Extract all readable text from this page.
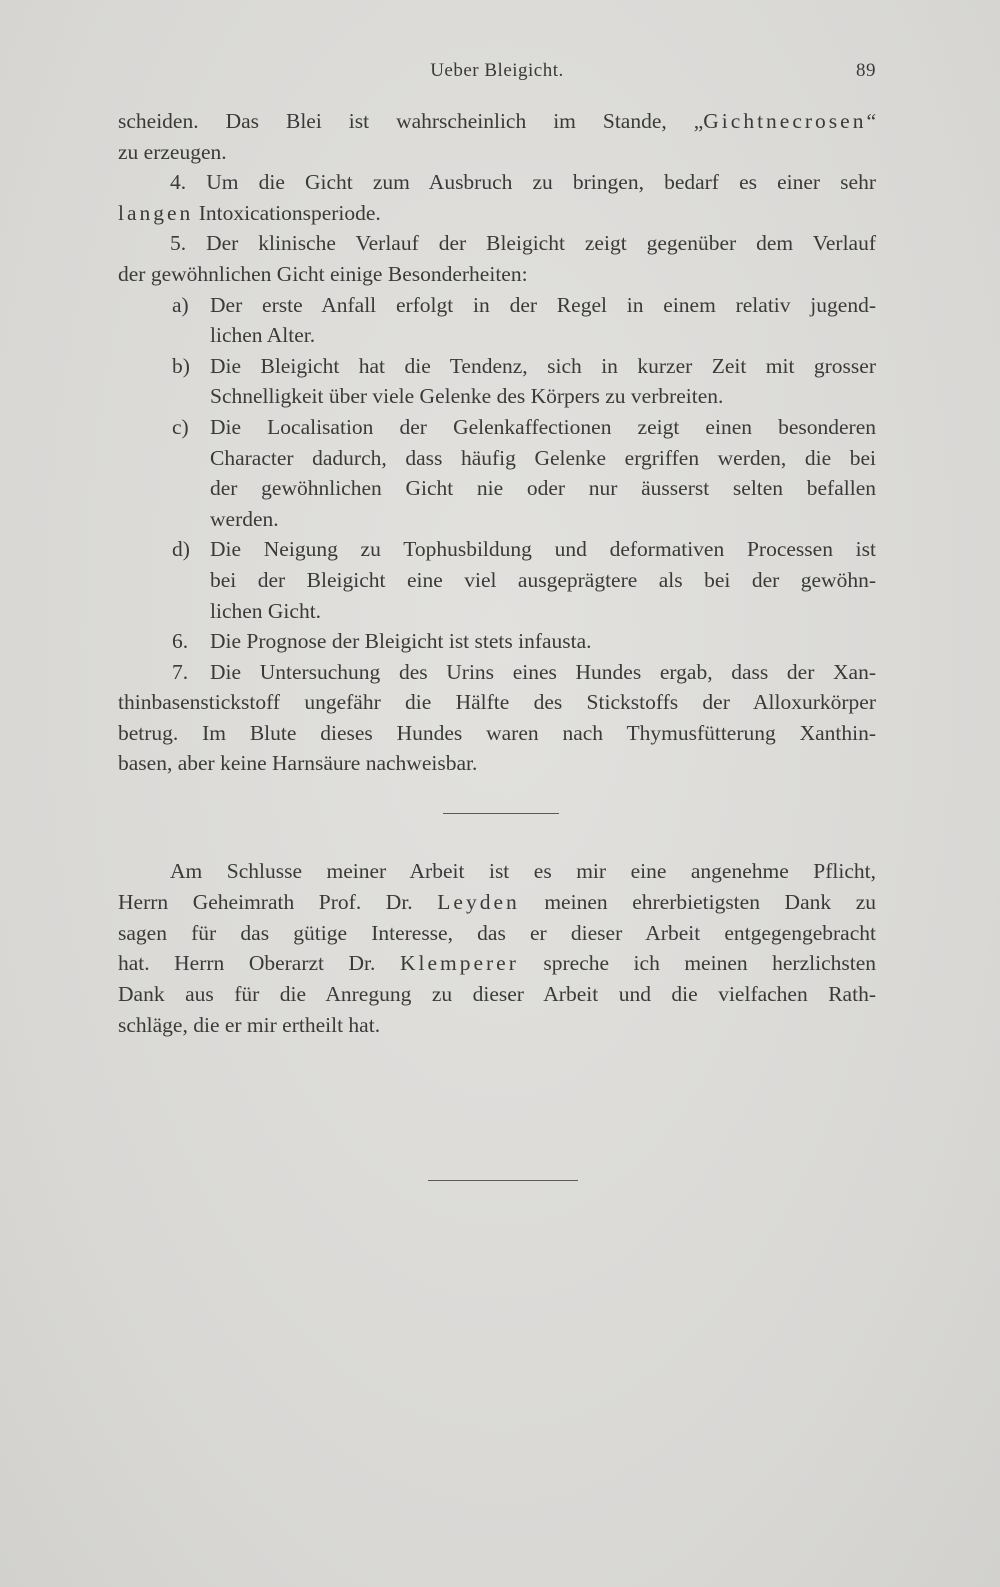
Ueber Bleigicht.	89
scheiden. Das Blei ist wahrscheinlich im Stande, „Gichtnecrosen“
zu erzeugen.
4. Um die Gicht zum Ausbruch zu bringen, bedarf es einer sehr
langen Intoxicationsperiode.
5. Der klinische Verlauf der Bleigicht zeigt gegenüber dem Verlauf
der gewöhnlichen Gicht einige Besonderheiten:
a) Der erste Anfall erfolgt in der Regel in einem relativ jugend-
lichen Alter.
b) Die Bleigicht hat die Tendenz, sich in kurzer Zeit mit grosser
Schnelligkeit über viele Gelenke des Körpers zu verbreiten.
c) Die Localisation der Gelenkaffectionen zeigt einen besonderen
Character dadurch, dass häufig Gelenke ergriffen werden, die bei
der gewöhnlichen Gicht nie oder nur äusserst selten befallen
werden.
d) Die Neigung zu Tophusbildung und deformativen Processen ist
bei der Bleigicht eine viel ausgeprägtere als bei der gewöhn-
lichen Gicht.
6. Die Prognose der Bleigicht ist stets infausta.
7. Die Untersuchung des Urins eines Hundes ergab, dass der Xan-
thinbasenstickstoff ungefähr die Hälfte des Stickstoffs der Alloxurkörper
betrug. Im Blute dieses Hundes waren nach Thymusfütterung Xanthin-
basen, aber keine Harnsäure nachweisbar.
Am Schlusse meiner Arbeit ist es mir eine angenehme Pflicht,
Herrn Geheimrath Prof. Dr. Leyden meinen ehrerbietigsten Dank zu
sagen für das gütige Interesse, das er dieser Arbeit entgegengebracht
hat. Herrn Oberarzt Dr. Klemperer spreche ich meinen herzlichsten
Dank aus für die Anregung zu dieser Arbeit und die vielfachen Rath-
schläge, die er mir ertheilt hat.
